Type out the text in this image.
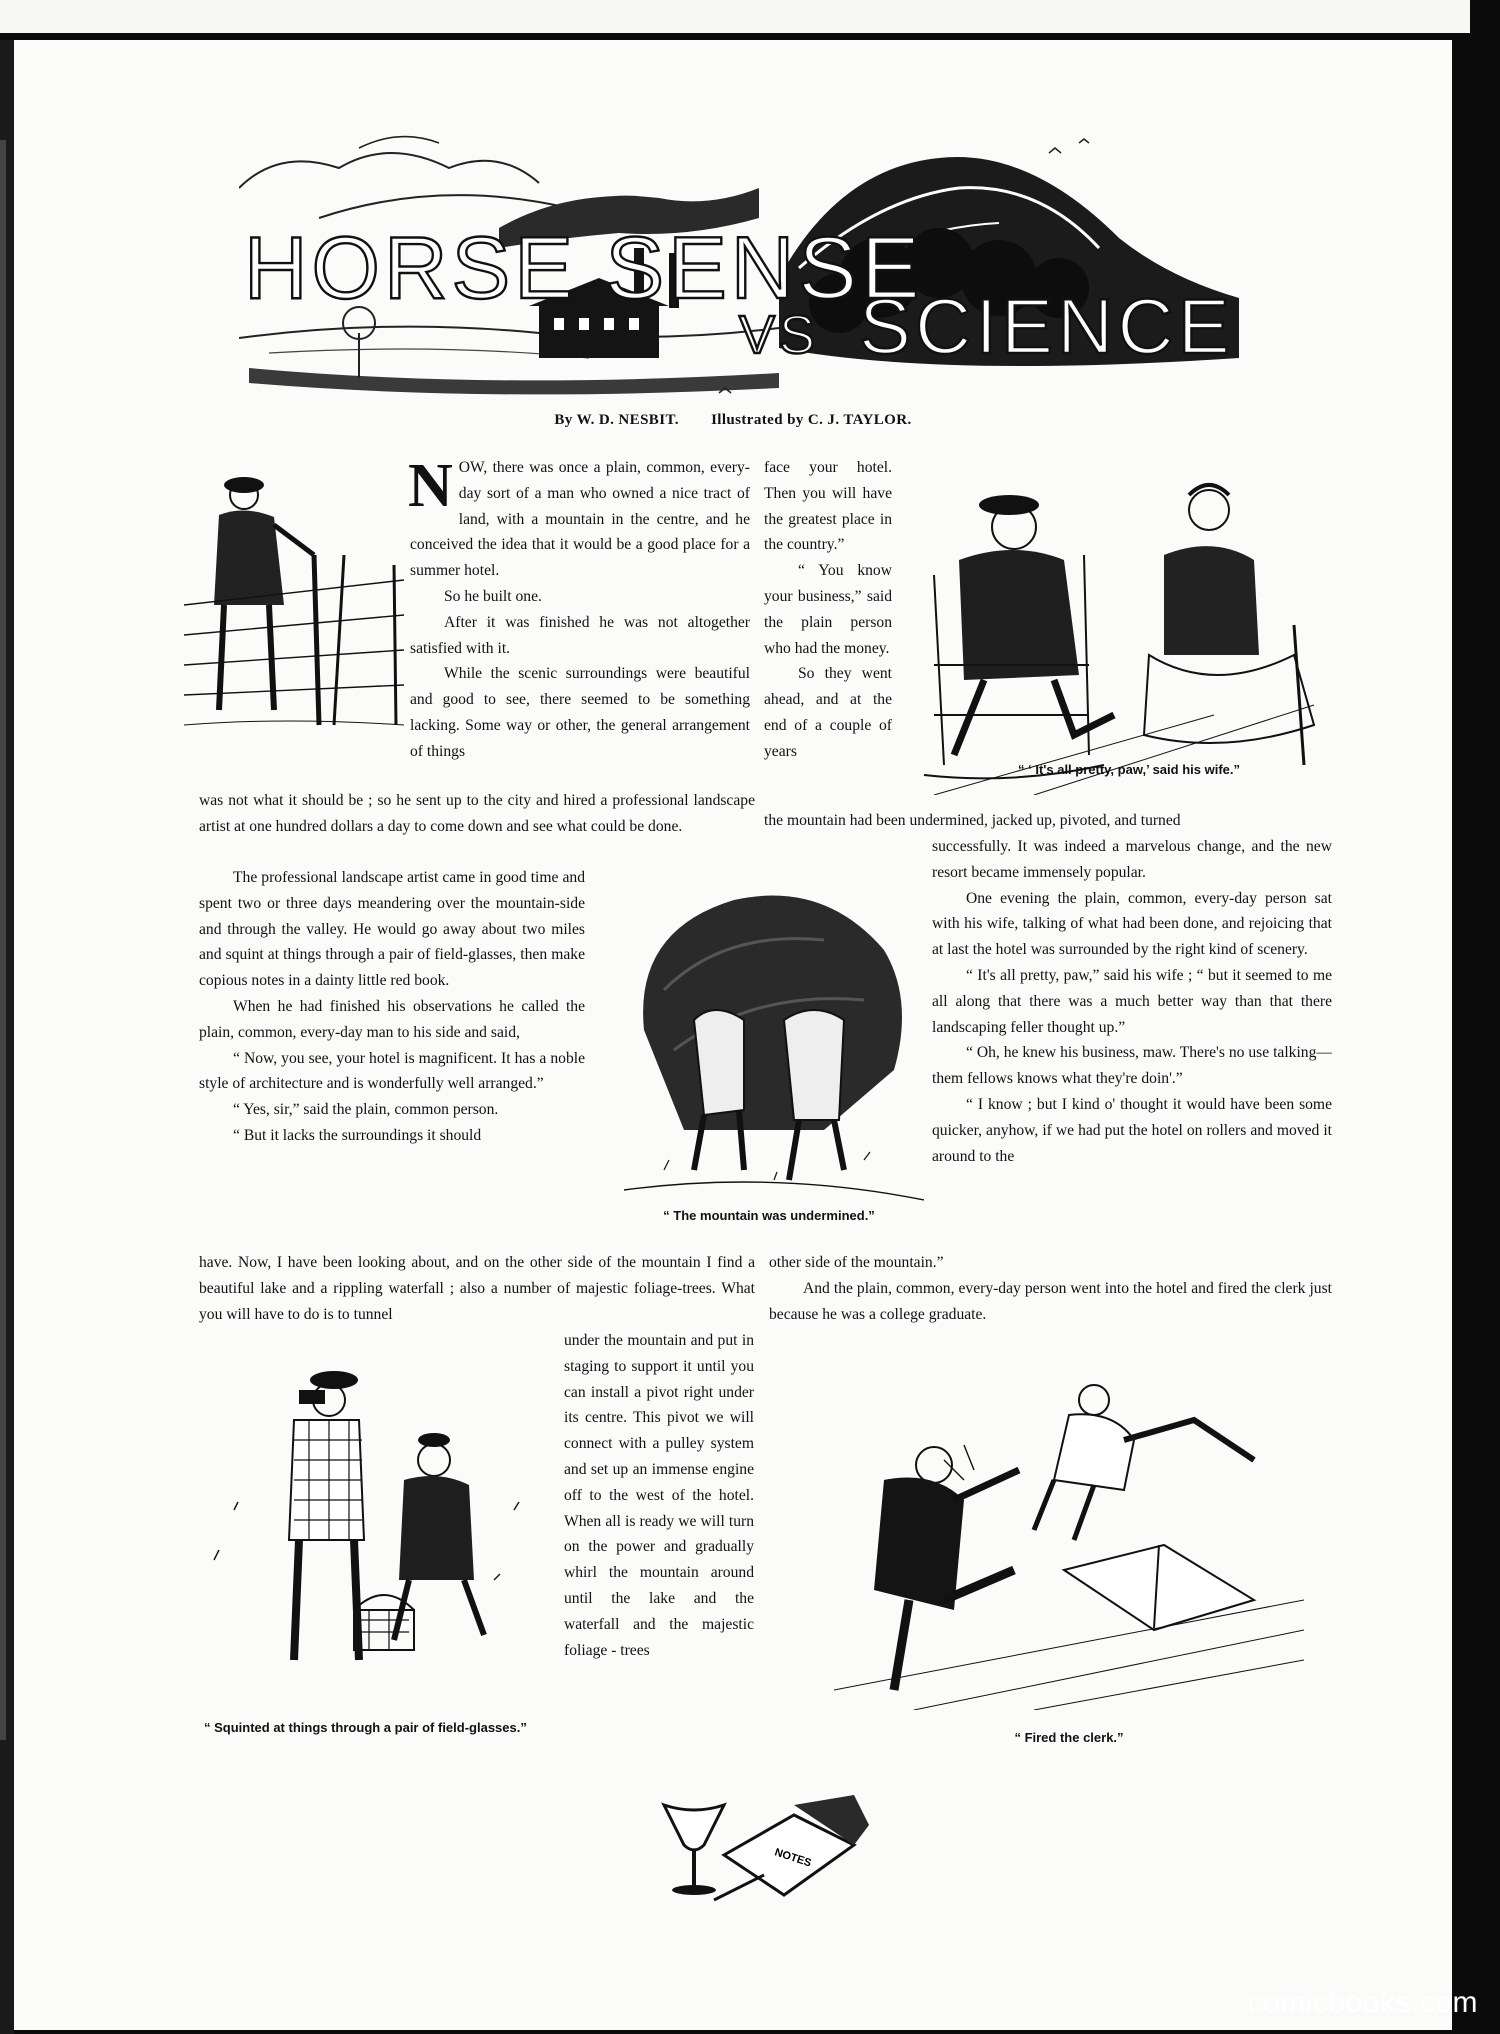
HORSE SENSE
VS SCIENCE
By W. D. NESBIT. Illustrated by C. J. TAYLOR.

NOW, there was once a plain, common, every-day sort of a man who owned a nice tract of land, with a mountain in the centre, and he conceived the idea that it would be a good place for a summer hotel.

So he built one.

After it was finished he was not altogether satisfied with it.

While the scenic surroundings were beautiful and good to see, there seemed to be something lacking. Some way or other, the general arrangement of things

was not what it should be ; so he sent up to the city and hired a professional landscape artist at one hundred dollars a day to come down and see what could be done.

face your hotel. Then you will have the greatest place in the country.”

“ You know your business,” said the plain person who had the money.

So they went ahead, and at the end of a couple of years

“ ‘ It's all pretty, paw,’ said his wife.”

the mountain had been undermined, jacked up, pivoted, and turned

The professional landscape artist came in good time and spent two or three days meandering over the mountain-side and through the valley. He would go away about two miles and squint at things through a pair of field-glasses, then make copious notes in a dainty little red book.

When he had finished his observations he called the plain, common, every-day man to his side and said,

“ Now, you see, your hotel is magnificent. It has a noble style of architecture and is wonderfully well arranged.”

“ Yes, sir,” said the plain, common person.

“ But it lacks the surroundings it should

“ The mountain was undermined.”

successfully. It was indeed a marvelous change, and the new resort became immensely popular.

One evening the plain, common, every-day person sat with his wife, talking of what had been done, and rejoicing that at last the hotel was surrounded by the right kind of scenery.

“ It's all pretty, paw,” said his wife ; “ but it seemed to me all along that there was a much better way than that there landscaping feller thought up.”

“ Oh, he knew his business, maw. There's no use talking—them fellows knows what they're doin'.”

“ I know ; but I kind o' thought it would have been some quicker, anyhow, if we had put the hotel on rollers and moved it around to the

have. Now, I have been looking about, and on the other side of the mountain I find a beautiful lake and a rippling waterfall ; also a number of majestic foliage-trees. What you will have to do is to tunnel

other side of the mountain.”

And the plain, common, every-day person went into the hotel and fired the clerk just because he was a college graduate.

under the mountain and put in staging to support it until you can install a pivot right under its centre. This pivot we will connect with a pulley system and set up an immense engine off to the west of the hotel. When all is ready we will turn on the power and gradually whirl the mountain around until the lake and the waterfall and the majestic foliage - trees

“ Squinted at things through a pair of field-glasses.”
“ Fired the clerk.”
NOTES
comicbooks.com
